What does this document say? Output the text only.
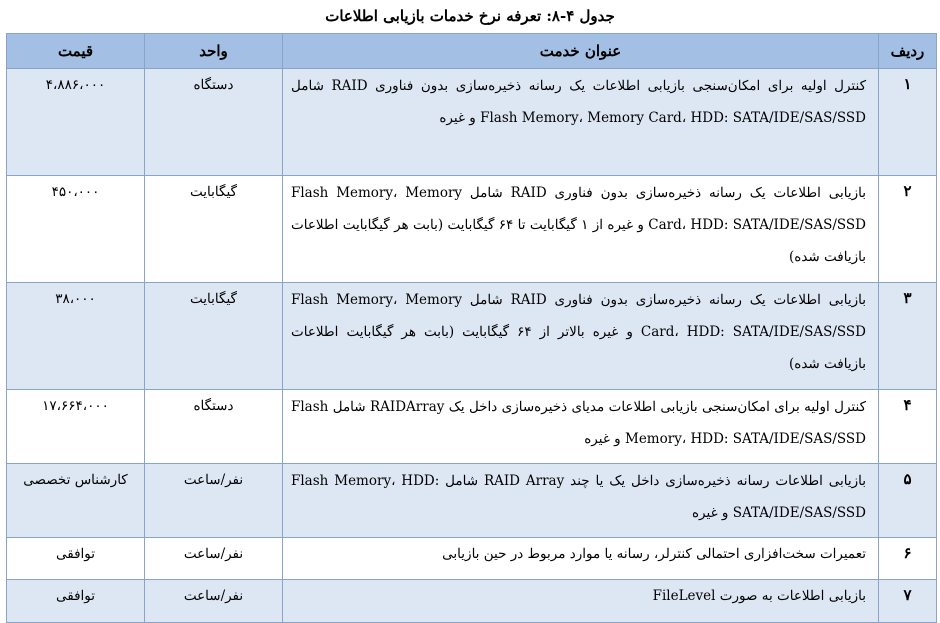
جدول ۴-۸: تعرفه نرخ خدمات بازیابی اطلاعات
ردیف	عنوان خدمت	واحد	قیمت
۱	کنترل اولیه برای امکان‌سنجی بازیابی اطلاعات یک رسانه ذخیره‌سازی بدون فناوری RAID شامل Flash Memory، Memory Card، HDD: SATA/IDE/SAS/SSD و غیره	دستگاه	۴،۸۸۶،۰۰۰
۲	بازیابی اطلاعات یک رسانه ذخیره‌سازی بدون فناوری RAID شامل Flash Memory، Memory Card، HDD: SATA/IDE/SAS/SSD و غیره از ۱ گیگابایت تا ۶۴ گیگابایت (بابت هر گیگابایت اطلاعات بازیافت شده)	گیگابایت	۴۵۰،۰۰۰
۳	بازیابی اطلاعات یک رسانه ذخیره‌سازی بدون فناوری RAID شامل Flash Memory، Memory Card، HDD: SATA/IDE/SAS/SSD و غیره بالاتر از ۶۴ گیگابایت (بابت هر گیگابایت اطلاعات بازیافت شده)	گیگابایت	۳۸،۰۰۰
۴	کنترل اولیه برای امکان‌سنجی بازیابی اطلاعات مدیای ذخیره‌سازی داخل یک RAIDArray شامل Flash Memory، HDD: SATA/IDE/SAS/SSD و غیره	دستگاه	۱۷،۶۶۴،۰۰۰
۵	بازیابی اطلاعات رسانه ذخیره‌سازی داخل یک یا چند RAID Array شامل Flash Memory، HDD: SATA/IDE/SAS/SSD و غیره	نفر/ساعت	کارشناس تخصصی
۶	تعمیرات سخت‌افزاری احتمالی کنترلر، رسانه یا موارد مربوط در حین بازیابی	نفر/ساعت	توافقی
۷	بازیابی اطلاعات به صورت FileLevel	نفر/ساعت	توافقی
